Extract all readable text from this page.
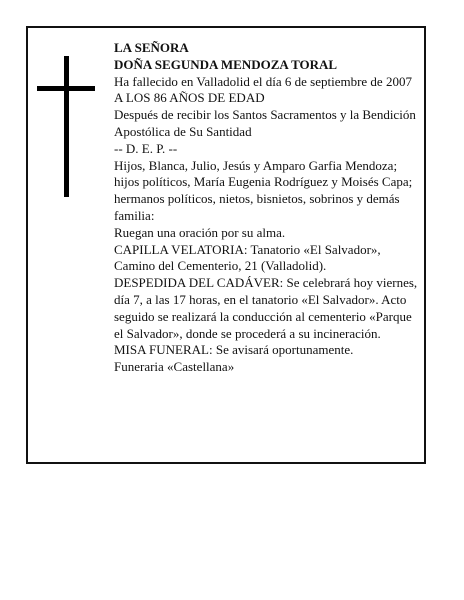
LA SEÑORA

DOÑA SEGUNDA MENDOZA TORAL

Ha fallecido en Valladolid el día 6 de septiembre de 2007

A LOS 86 AÑOS DE EDAD

Después de recibir los Santos Sacramentos y la Bendición Apostólica de Su Santidad

-- D. E. P. --

Hijos, Blanca, Julio, Jesús y Amparo Garfia Mendoza; hijos políticos, María Eugenia Rodríguez y Moisés Capa; hermanos políticos, nietos, bisnietos, sobrinos y demás familia:

Ruegan una oración por su alma.

CAPILLA VELATORIA: Tanatorio «El Salvador», Camino del Cementerio, 21 (Valladolid).

DESPEDIDA DEL CADÁVER: Se celebrará hoy viernes, día 7, a las 17 horas, en el tanatorio «El Salvador». Acto seguido se realizará la conducción al cementerio «Parque el Salvador», donde se procederá a su incineración.

MISA FUNERAL: Se avisará oportunamente.

Funeraria «Castellana»
